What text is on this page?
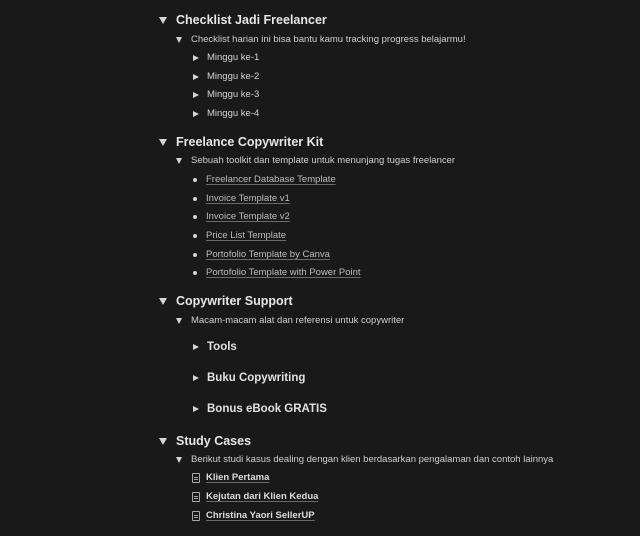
Checklist Jadi Freelancer
Checklist harian ini bisa bantu kamu tracking progress belajarmu!
Minggu ke-1
Minggu ke-2
Minggu ke-3
Minggu ke-4
Freelance Copywriter Kit
Sebuah toolkit dan template untuk menunjang tugas freelancer
Freelancer Database Template
Invoice Template v1
Invoice Template v2
Price List Template
Portofolio Template by Canva
Portofolio Template with Power Point
Copywriter Support
Macam-macam alat dan referensi untuk copywriter
Tools
Buku Copywriting
Bonus eBook GRATIS
Study Cases
Berikut studi kasus dealing dengan klien berdasarkan pengalaman dan contoh lainnya
Klien Pertama
Kejutan dari Klien Kedua
Christina Yaori SellerUP
